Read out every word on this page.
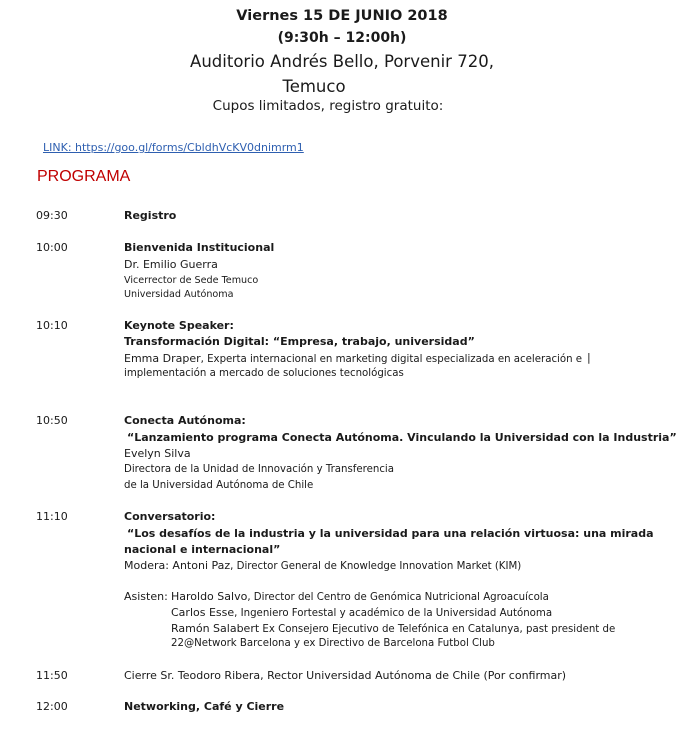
Viernes 15 DE JUNIO 2018
(9:30h – 12:00h)
Auditorio Andrés Bello, Porvenir 720,
Temuco
Cupos limitados, registro gratuito:
LINK: https://goo.gl/forms/CbldhVcKV0dnimrm1
PROGRAMA
09:30	Registro
10:00	Bienvenida Institucional
Dr. Emilio Guerra
Vicerrector de Sede Temuco
Universidad Autónoma
10:10	Keynote Speaker:
Transformación Digital: “Empresa, trabajo, universidad”
Emma Draper, Experta internacional en marketing digital especializada en aceleración e |
implementación a mercado de soluciones tecnológicas
10:50	Conecta Autónoma:
“Lanzamiento programa Conecta Autónoma. Vinculando la Universidad con la Industria”
Evelyn Silva
Directora de la Unidad de Innovación y Transferencia
de la Universidad Autónoma de Chile
11:10	Conversatorio:
“Los desafíos de la industria y la universidad para una relación virtuosa: una mirada
nacional e internacional”
Modera: Antoni Paz, Director General de Knowledge Innovation Market (KIM)
Asisten: Haroldo Salvo, Director del Centro de Genómica Nutricional Agroacuícola
Carlos Esse, Ingeniero Fortestal y académico de la Universidad Autónoma
Ramón Salabert Ex Consejero Ejecutivo de Telefónica en Catalunya, past president de
22@Network Barcelona y ex Directivo de Barcelona Futbol Club
11:50	Cierre Sr. Teodoro Ribera, Rector Universidad Autónoma de Chile (Por confirmar)
12:00	Networking, Café y Cierre
